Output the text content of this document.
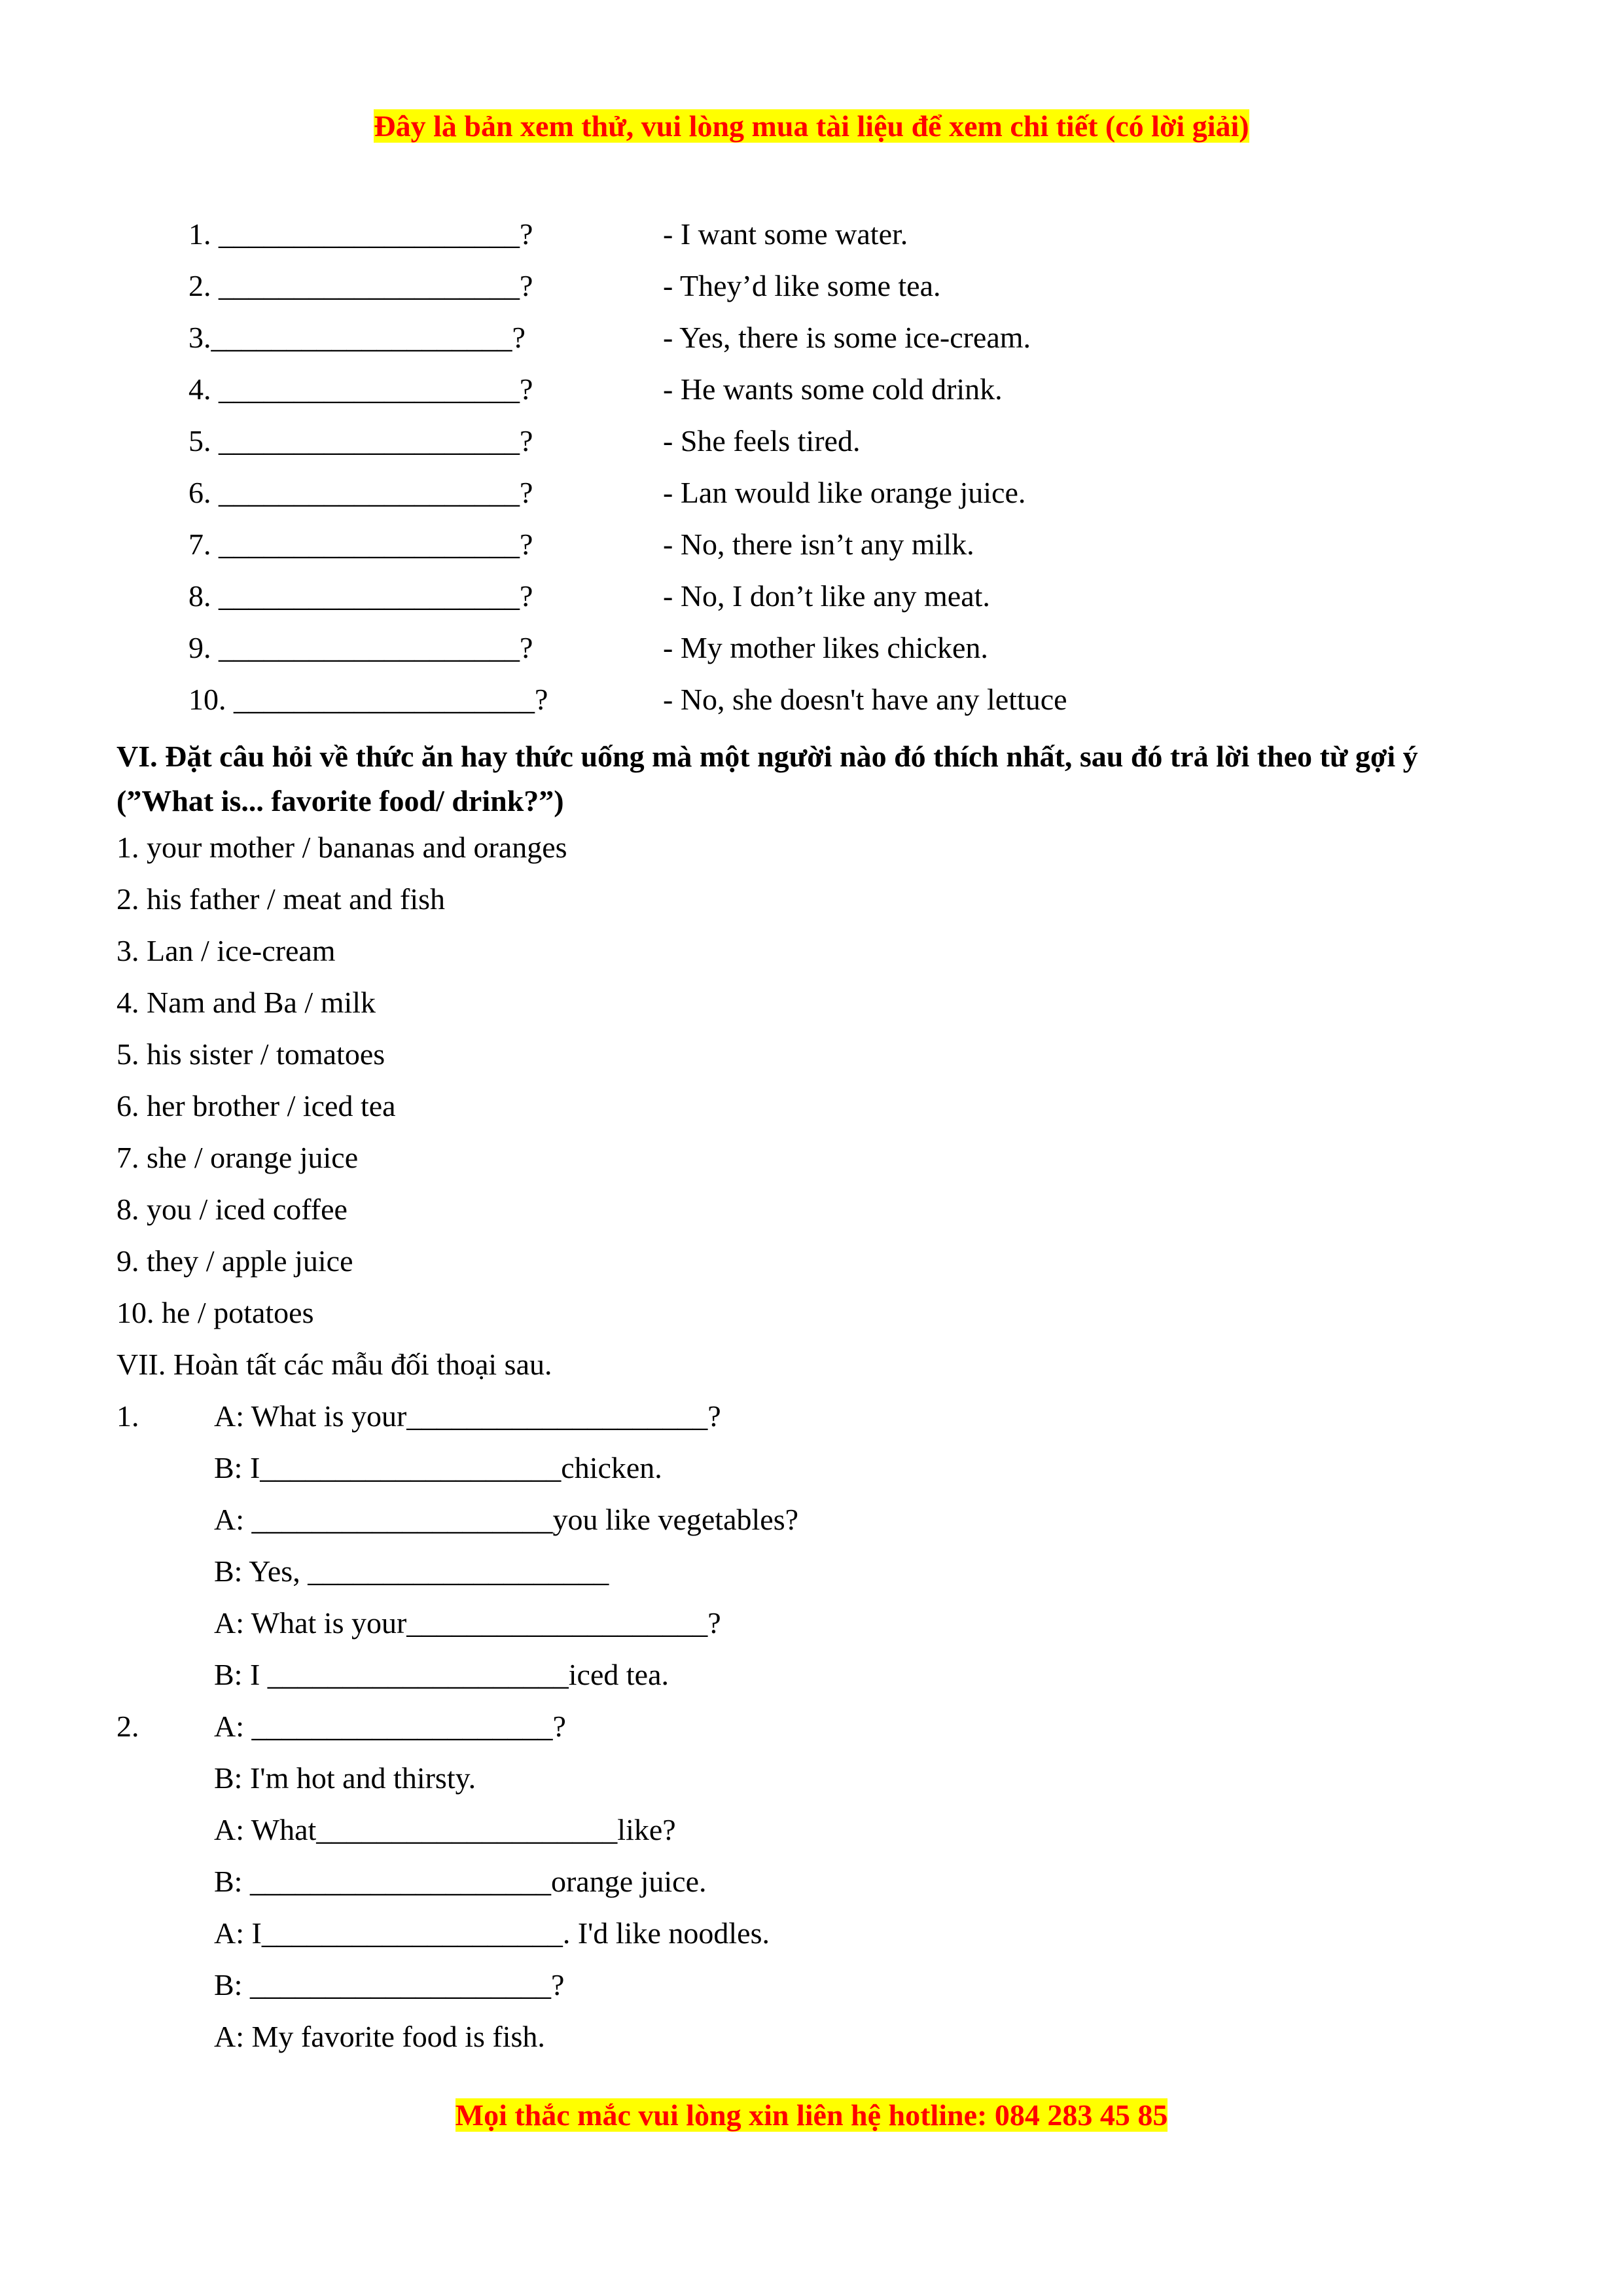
Đây là bản xem thử, vui lòng mua tài liệu để xem chi tiết (có lời giải)
1. ____________________?	- I want some water.
2. ____________________?	- They’d like some tea.
3.____________________?	- Yes, there is some ice-cream.
4. ____________________?	- He wants some cold drink.
5. ____________________?	- She feels tired.
6. ____________________?	- Lan would like orange juice.
7. ____________________?	- No, there isn’t any milk.
8. ____________________?	- No, I don’t like any meat.
9. ____________________?	- My mother likes chicken.
10. ____________________?	- No, she doesn't have any lettuce
VI. Đặt câu hỏi về thức ăn hay thức uống mà một người nào đó thích nhất, sau đó trả lời theo từ gợi ý (”What is... favorite food/ drink?”)
1. your mother / bananas and oranges
2. his father / meat and fish
3. Lan / ice-cream
4. Nam and Ba / milk
5. his sister / tomatoes
6. her brother / iced tea
7. she / orange juice
8. you / iced coffee
9. they / apple juice
10. he / potatoes
VII. Hoàn tất các mẫu đối thoại sau.
1. A: What is your____________________?
B: I____________________chicken.
A: ____________________you like vegetables?
B: Yes, ____________________
A: What is your____________________?
B: I ____________________iced tea.
2. A: ____________________?
B: I'm hot and thirsty.
A: What____________________like?
B: ____________________orange juice.
A: I____________________. I'd like noodles.
B: ____________________?
A: My favorite food is fish.
Mọi thắc mắc vui lòng xin liên hệ hotline: 084 283 45 85
